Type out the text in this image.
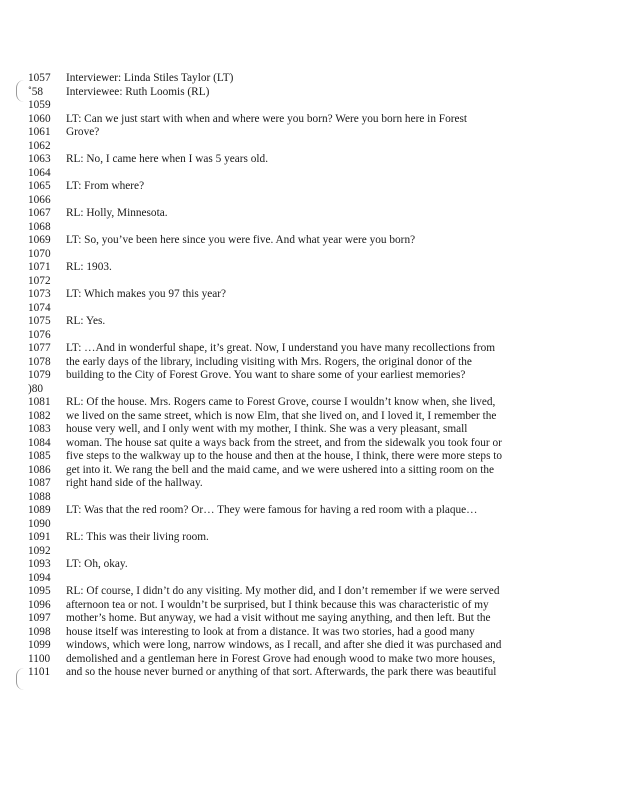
1057	Interviewer: Linda Stiles Taylor (LT)
˚58	Interviewee: Ruth Loomis (RL)
1059
1060	LT: Can we just start with when and where were you born? Were you born here in Forest
1061	Grove?
1062
1063	RL: No, I came here when I was 5 years old.
1064
1065	LT: From where?
1066
1067	RL: Holly, Minnesota.
1068
1069	LT: So, you’ve been here since you were five. And what year were you born?
1070
1071	RL: 1903.
1072
1073	LT: Which makes you 97 this year?
1074
1075	RL: Yes.
1076
1077	LT: …And in wonderful shape, it’s great. Now, I understand you have many recollections from
1078	the early days of the library, including visiting with Mrs. Rogers, the original donor of the
1079	building to the City of Forest Grove. You want to share some of your earliest memories?
)80
1081	RL: Of the house. Mrs. Rogers came to Forest Grove, course I wouldn’t know when, she lived,
1082	we lived on the same street, which is now Elm, that she lived on, and I loved it, I remember the
1083	house very well, and I only went with my mother, I think. She was a very pleasant, small
1084	woman. The house sat quite a ways back from the street, and from the sidewalk you took four or
1085	five steps to the walkway up to the house and then at the house, I think, there were more steps to
1086	get into it. We rang the bell and the maid came, and we were ushered into a sitting room on the
1087	right hand side of the hallway.
1088
1089	LT: Was that the red room? Or… They were famous for having a red room with a plaque…
1090
1091	RL: This was their living room.
1092
1093	LT: Oh, okay.
1094
1095	RL: Of course, I didn’t do any visiting. My mother did, and I don’t remember if we were served
1096	afternoon tea or not. I wouldn’t be surprised, but I think because this was characteristic of my
1097	mother’s home. But anyway, we had a visit without me saying anything, and then left. But the
1098	house itself was interesting to look at from a distance. It was two stories, had a good many
1099	windows, which were long, narrow windows, as I recall, and after she died it was purchased and
1100	demolished and a gentleman here in Forest Grove had enough wood to make two more houses,
1101	and so the house never burned or anything of that sort. Afterwards, the park there was beautiful
